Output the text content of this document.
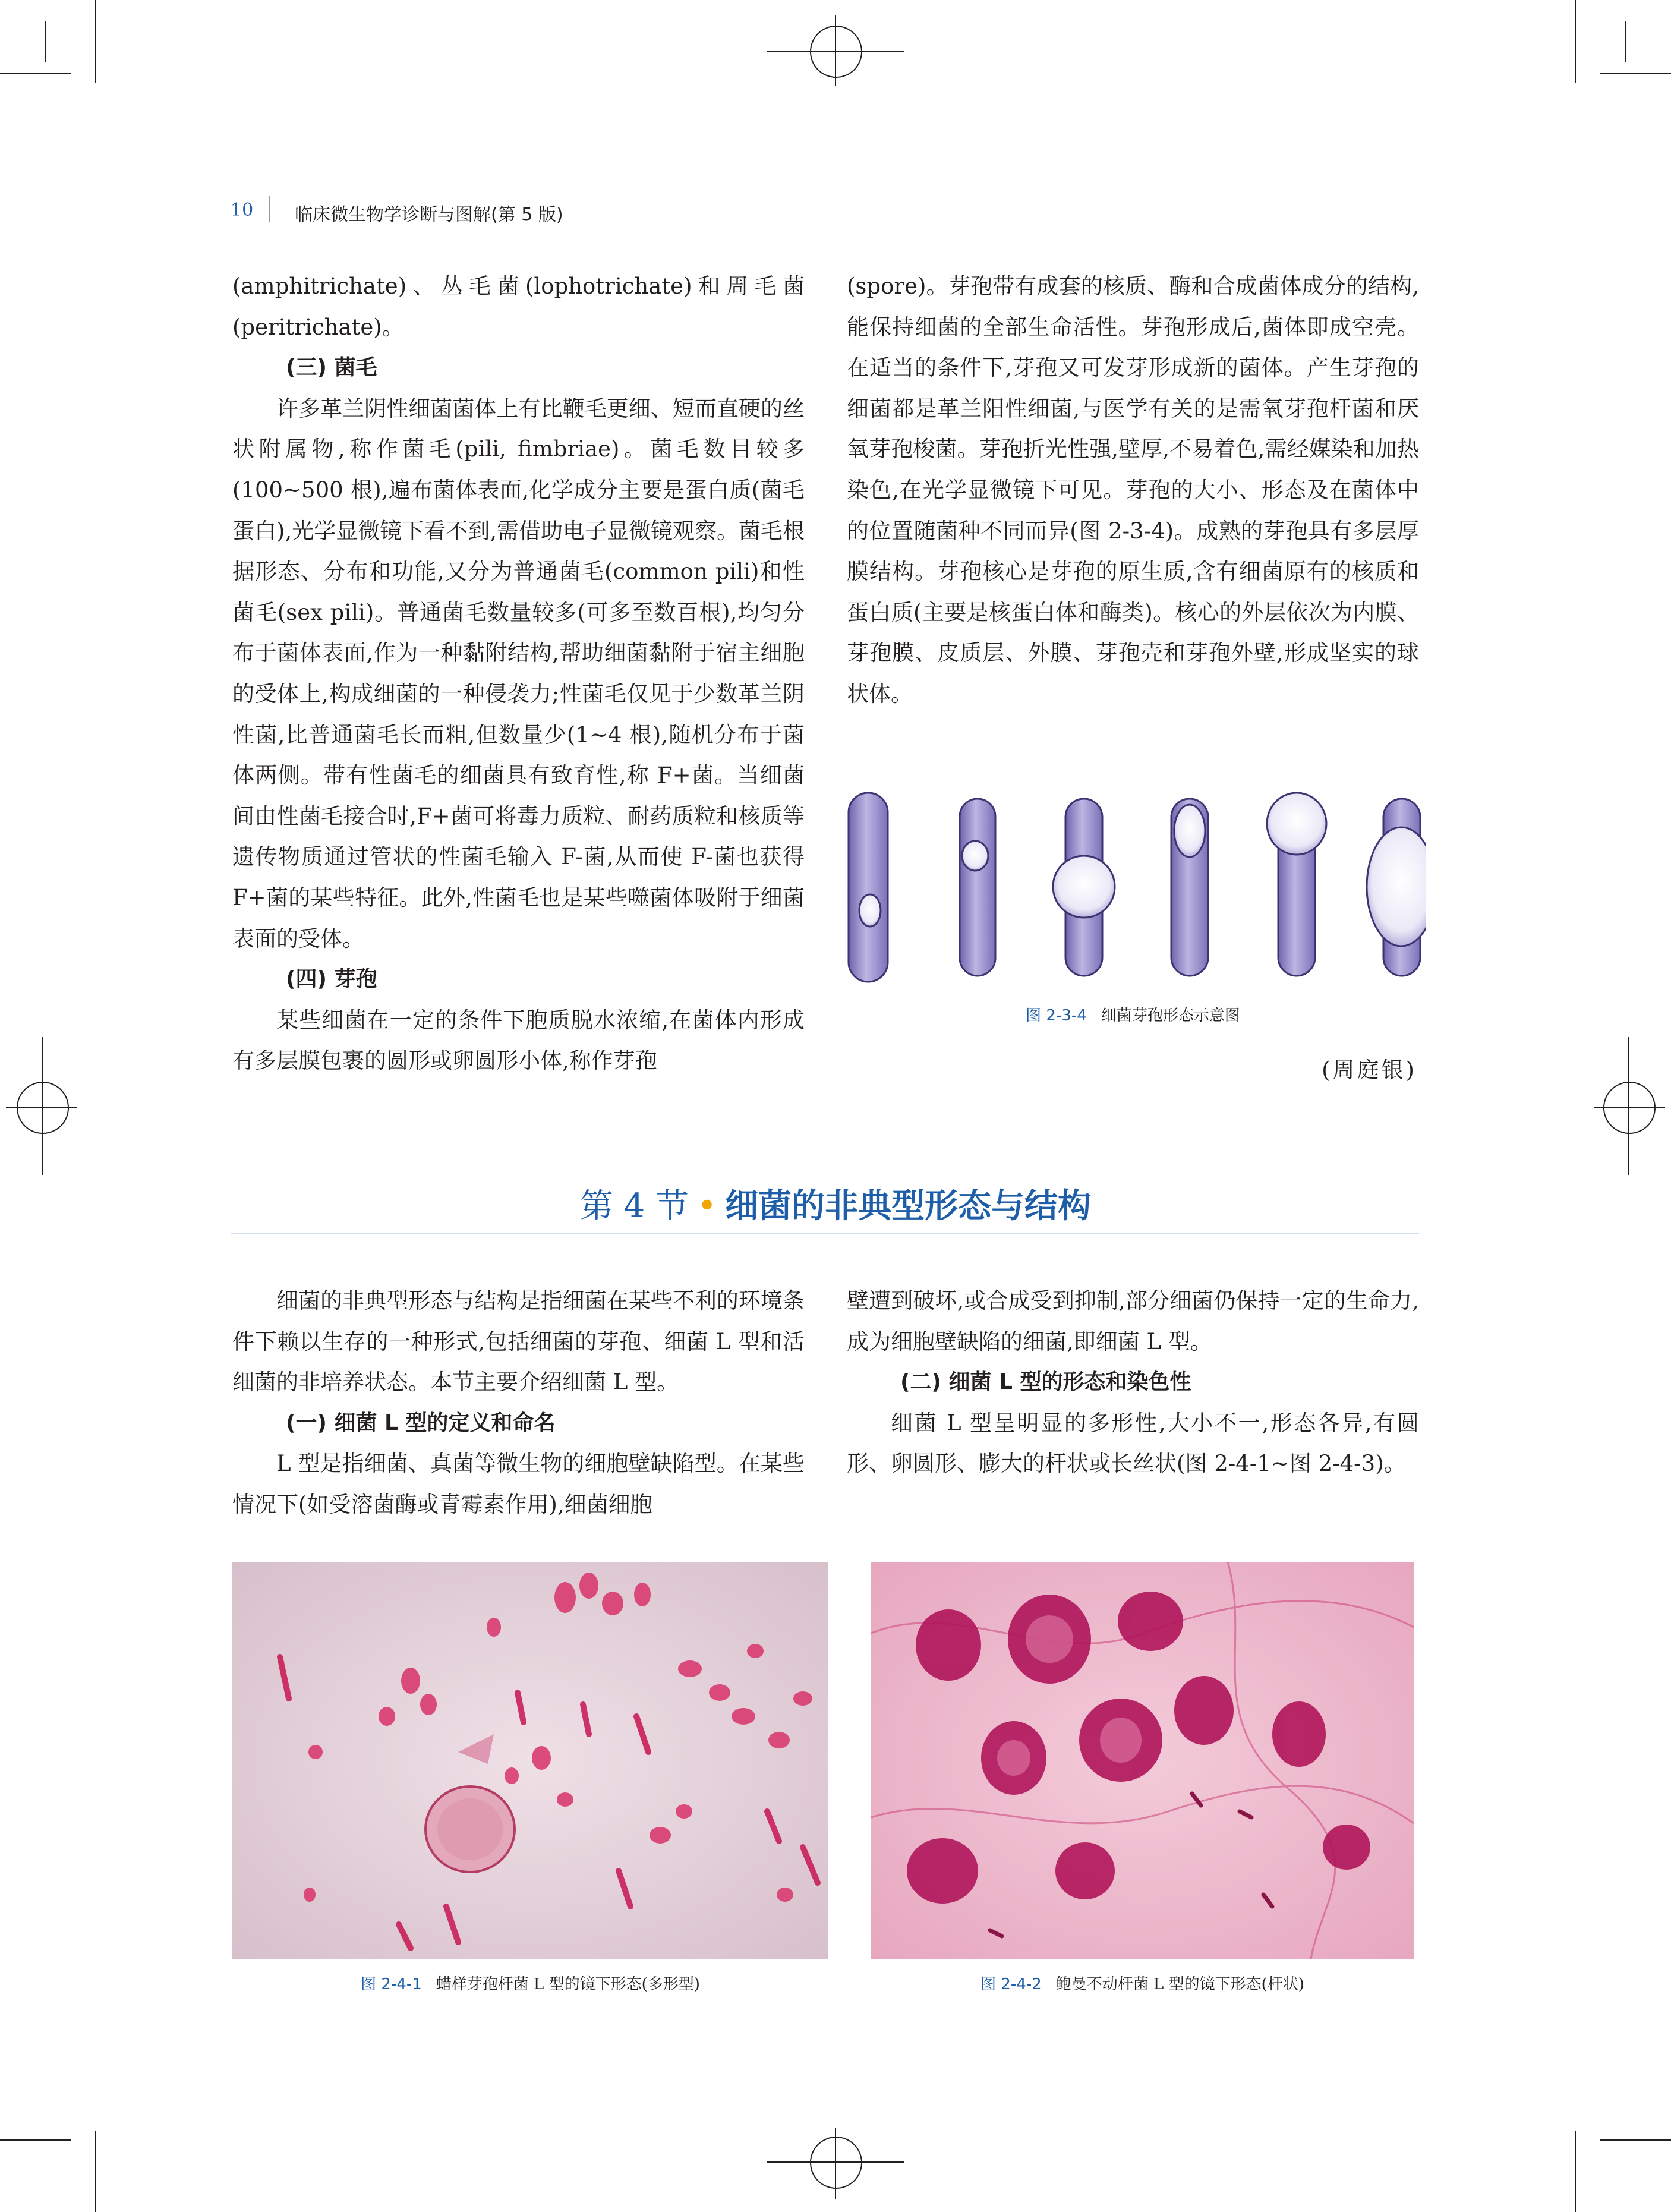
10 临床微生物学诊断与图解(第 5 版)

(amphitrichate)、丛毛菌(lophotrichate)和周毛菌(peritrichate)。

(三) 菌毛

许多革兰阴性细菌菌体上有比鞭毛更细、短而直硬的丝状附属物,称作菌毛(pili, fimbriae)。菌毛数目较多(100~500 根),遍布菌体表面,化学成分主要是蛋白质(菌毛蛋白),光学显微镜下看不到,需借助电子显微镜观察。菌毛根据形态、分布和功能,又分为普通菌毛(common pili)和性菌毛(sex pili)。普通菌毛数量较多(可多至数百根),均匀分布于菌体表面,作为一种黏附结构,帮助细菌黏附于宿主细胞的受体上,构成细菌的一种侵袭力;性菌毛仅见于少数革兰阴性菌,比普通菌毛长而粗,但数量少(1~4 根),随机分布于菌体两侧。带有性菌毛的细菌具有致育性,称 F+菌。当细菌间由性菌毛接合时,F+菌可将毒力质粒、耐药质粒和核质等遗传物质通过管状的性菌毛输入 F-菌,从而使 F-菌也获得 F+菌的某些特征。此外,性菌毛也是某些噬菌体吸附于细菌表面的受体。

(四) 芽孢

某些细菌在一定的条件下胞质脱水浓缩,在菌体内形成有多层膜包裹的圆形或卵圆形小体,称作芽孢

(spore)。芽孢带有成套的核质、酶和合成菌体成分的结构,能保持细菌的全部生命活性。芽孢形成后,菌体即成空壳。在适当的条件下,芽孢又可发芽形成新的菌体。产生芽孢的细菌都是革兰阳性细菌,与医学有关的是需氧芽孢杆菌和厌氧芽孢梭菌。芽孢折光性强,壁厚,不易着色,需经媒染和加热染色,在光学显微镜下可见。芽孢的大小、形态及在菌体中的位置随菌种不同而异(图 2-3-4)。成熟的芽孢具有多层厚膜结构。芽孢核心是芽孢的原生质,含有细菌原有的核质和蛋白质(主要是核蛋白体和酶类)。核心的外层依次为内膜、芽孢膜、皮质层、外膜、芽孢壳和芽孢外壁,形成坚实的球状体。

图 2-3-4 细菌芽孢形态示意图
(周庭银)
第 4 节 • 细菌的非典型形态与结构

细菌的非典型形态与结构是指细菌在某些不利的环境条件下赖以生存的一种形式,包括细菌的芽孢、细菌 L 型和活细菌的非培养状态。本节主要介绍细菌 L 型。

(一) 细菌 L 型的定义和命名

L 型是指细菌、真菌等微生物的细胞壁缺陷型。在某些情况下(如受溶菌酶或青霉素作用),细菌细胞

壁遭到破坏,或合成受到抑制,部分细菌仍保持一定的生命力,成为细胞壁缺陷的细菌,即细菌 L 型。

(二) 细菌 L 型的形态和染色性

细菌 L 型呈明显的多形性,大小不一,形态各异,有圆形、卵圆形、膨大的杆状或长丝状(图 2-4-1~图 2-4-3)。

图 2-4-1 蜡样芽孢杆菌 L 型的镜下形态(多形型)	图 2-4-2 鲍曼不动杆菌 L 型的镜下形态(杆状)
